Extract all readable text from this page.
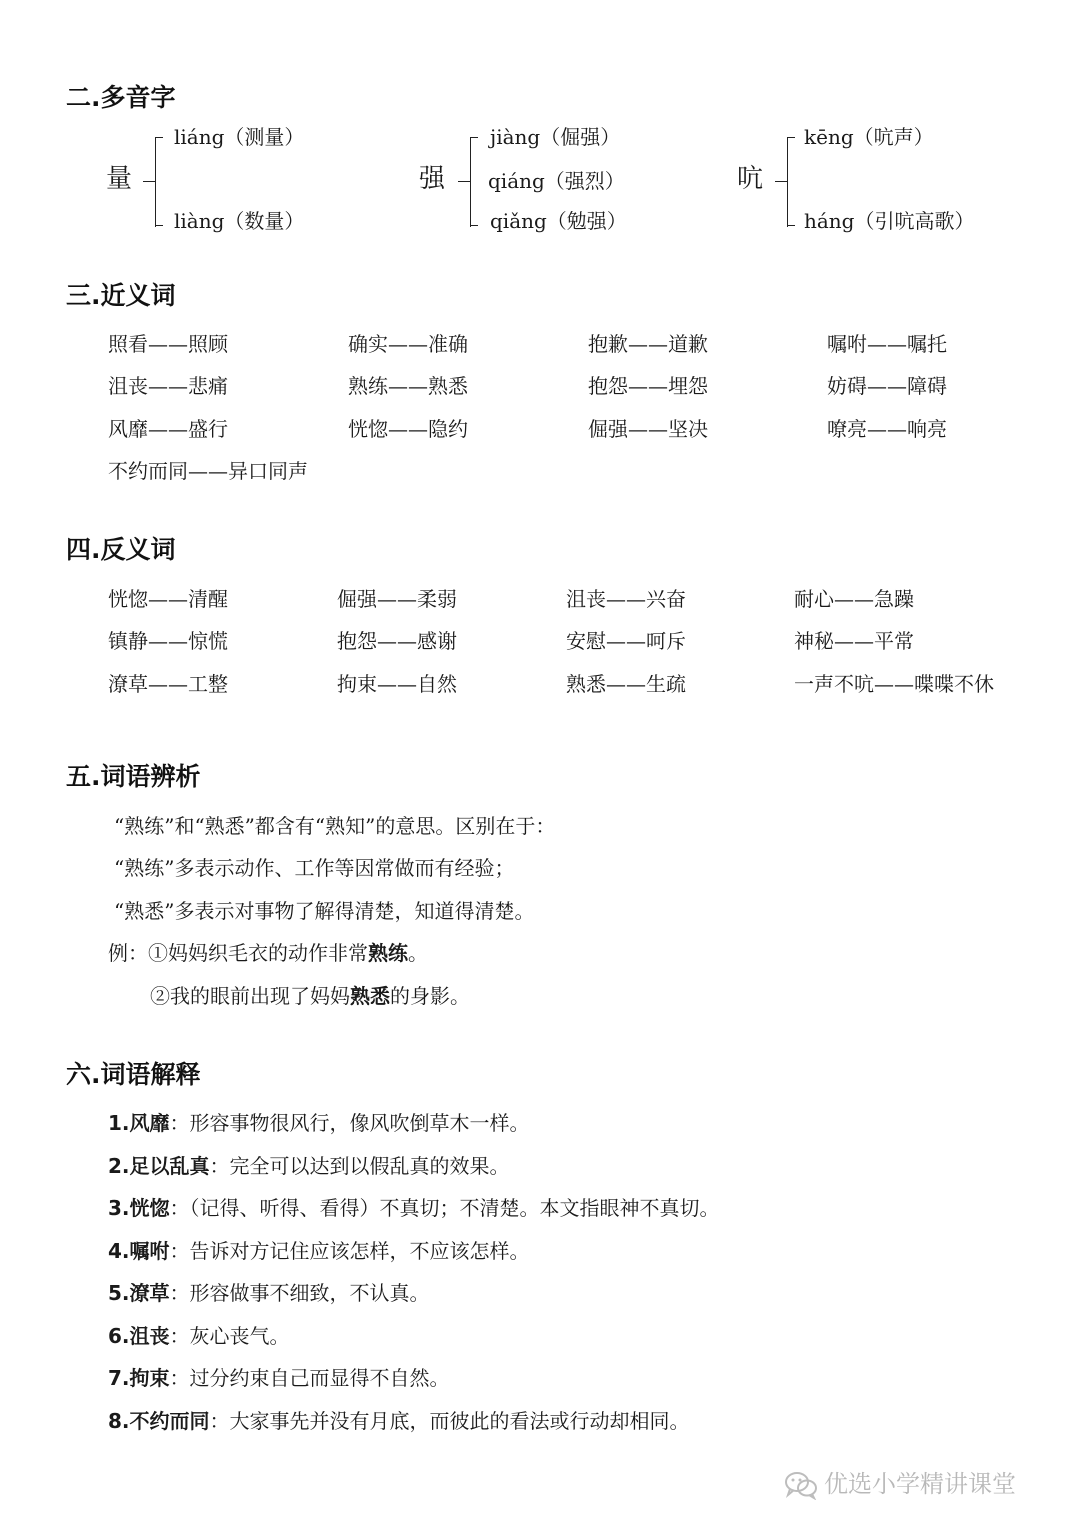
二.多音字
量
liáng（测量）
liàng（数量）
强
jiàng（倔强）
qiáng（强烈）
qiǎng（勉强）
吭
kēng（吭声）
háng（引吭高歌）
三.近义词
照看——照顾	确实——准确	抱歉——道歉	嘱咐——嘱托
沮丧——悲痛	熟练——熟悉	抱怨——埋怨	妨碍——障碍
风靡——盛行	恍惚——隐约	倔强——坚决	嘹亮——响亮
不约而同——异口同声
四.反义词
恍惚——清醒	倔强——柔弱	沮丧——兴奋	耐心——急躁
镇静——惊慌	抱怨——感谢	安慰——呵斥	神秘——平常
潦草——工整	拘束——自然	熟悉——生疏	一声不吭——喋喋不休
五.词语辨析
“熟练”和“熟悉”都含有“熟知”的意思。区别在于：
“熟练”多表示动作、工作等因常做而有经验；
“熟悉”多表示对事物了解得清楚，知道得清楚。
例：①妈妈织毛衣的动作非常熟练。
②我的眼前出现了妈妈熟悉的身影。
六.词语解释
1.风靡：形容事物很风行，像风吹倒草木一样。
2.足以乱真：完全可以达到以假乱真的效果。
3.恍惚：（记得、听得、看得）不真切；不清楚。本文指眼神不真切。
4.嘱咐：告诉对方记住应该怎样，不应该怎样。
5.潦草：形容做事不细致，不认真。
6.沮丧：灰心丧气。
7.拘束：过分约束自己而显得不自然。
8.不约而同：大家事先并没有月底，而彼此的看法或行动却相同。
优选小学精讲课堂
